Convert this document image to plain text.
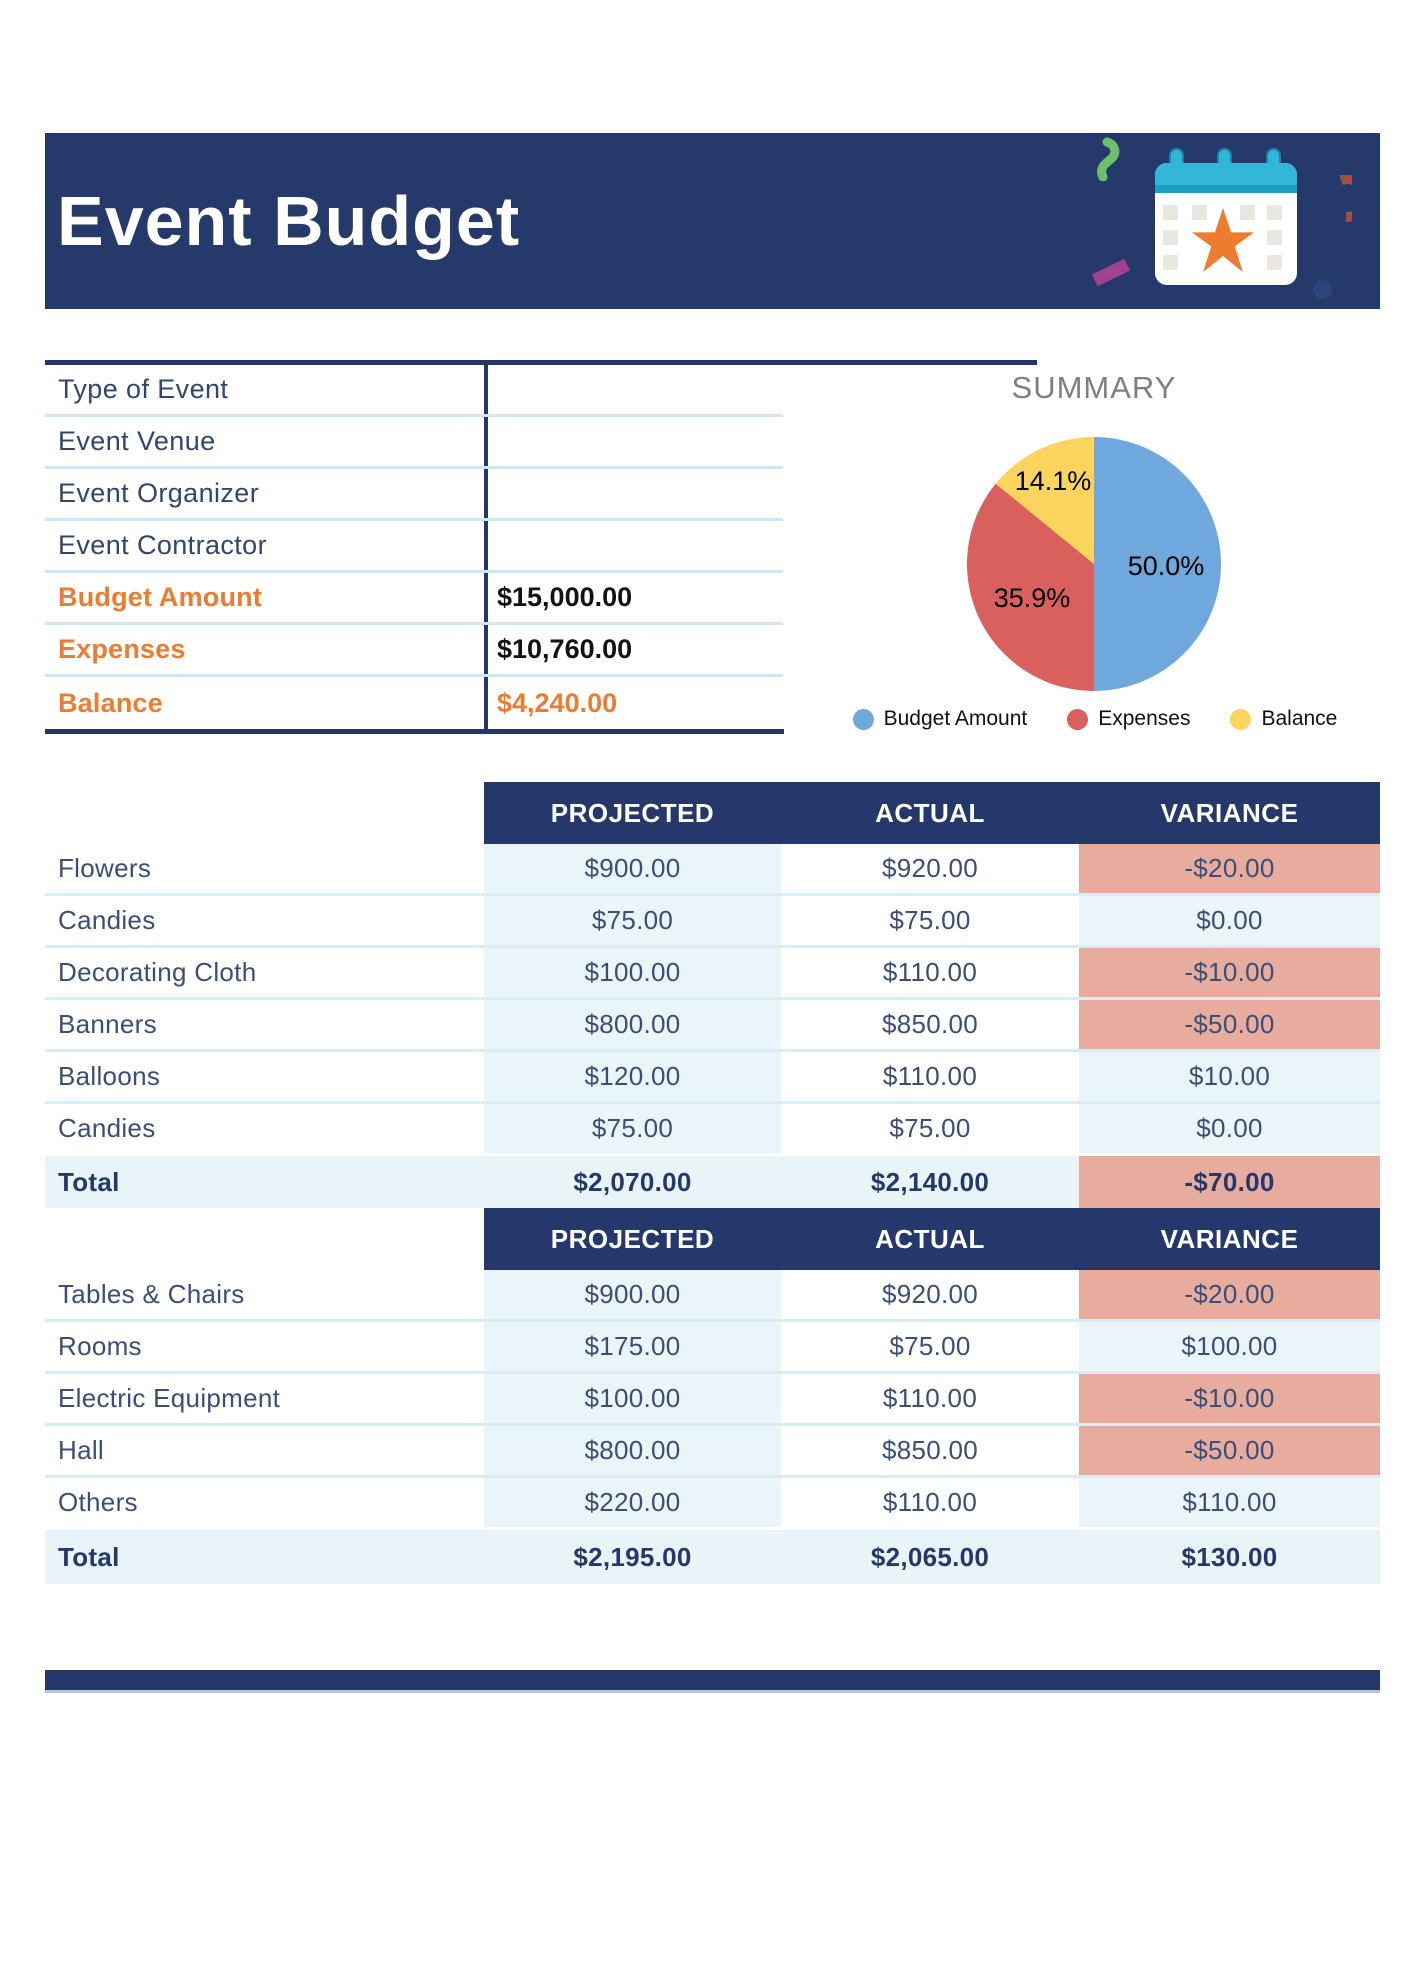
Event Budget
Type of Event
Event Venue
Event Organizer
Event Contractor
Budget Amount	$15,000.00
Expenses	$10,760.00
Balance	$4,240.00
SUMMARY
50.0%
35.9%
14.1%
Budget Amount	Expenses	Balance
DECORATION ITEMS	PROJECTED	ACTUAL	VARIANCE
Flowers	$900.00	$920.00	-$20.00
Candies	$75.00	$75.00	$0.00
Decorating Cloth	$100.00	$110.00	-$10.00
Banners	$800.00	$850.00	-$50.00
Balloons	$120.00	$110.00	$10.00
Candies	$75.00	$75.00	$0.00
Total	$2,070.00	$2,140.00	-$70.00
SITE	PROJECTED	ACTUAL	VARIANCE
Tables & Chairs	$900.00	$920.00	-$20.00
Rooms	$175.00	$75.00	$100.00
Electric Equipment	$100.00	$110.00	-$10.00
Hall	$800.00	$850.00	-$50.00
Others	$220.00	$110.00	$110.00
Total	$2,195.00	$2,065.00	$130.00
